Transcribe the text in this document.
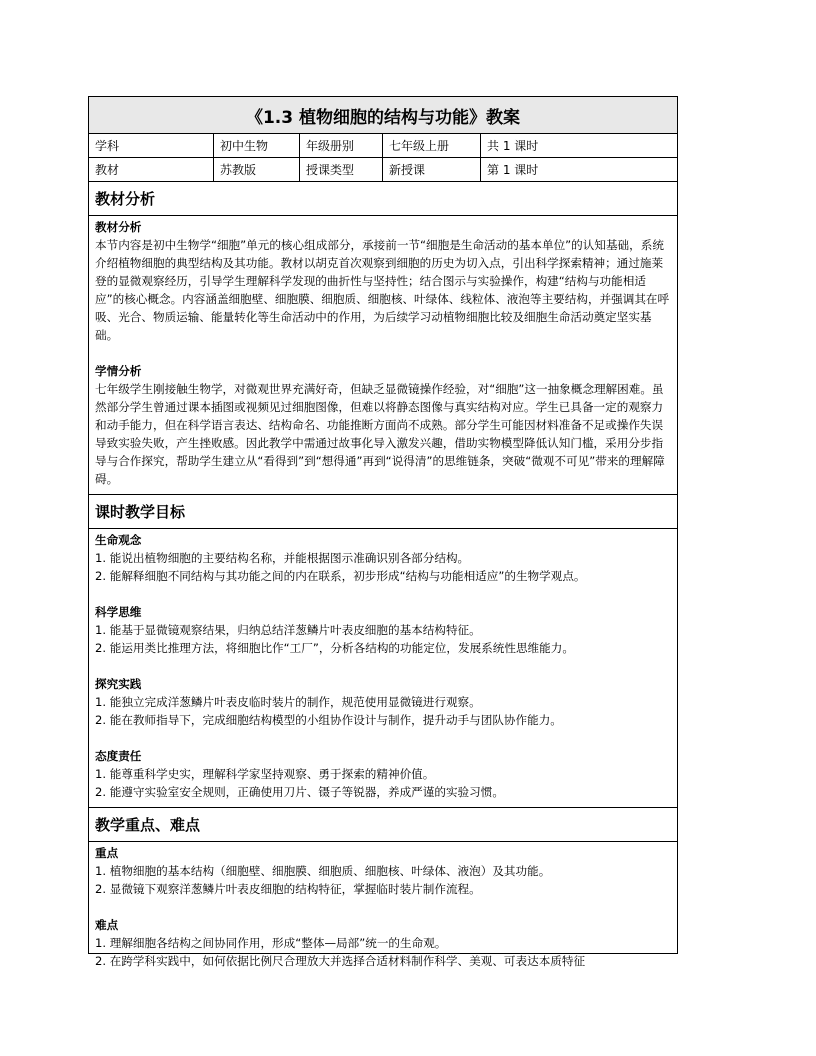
《1.3 植物细胞的结构与功能》教案
学科	初中生物	年级册别	七年级上册	共 1 课时
教材	苏教版	授课类型	新授课	第 1 课时
教材分析

教材分析

本节内容是初中生物学“细胞”单元的核心组成部分，承接前一节“细胞是生命活动的基本单位”的认知基础，系统介绍植物细胞的典型结构及其功能。教材以胡克首次观察到细胞的历史为切入点，引出科学探索精神；通过施莱登的显微观察经历，引导学生理解科学发现的曲折性与坚持性；结合图示与实验操作，构建“结构与功能相适应”的核心概念。内容涵盖细胞壁、细胞膜、细胞质、细胞核、叶绿体、线粒体、液泡等主要结构，并强调其在呼吸、光合、物质运输、能量转化等生命活动中的作用，为后续学习动植物细胞比较及细胞生命活动奠定坚实基础。

学情分析

七年级学生刚接触生物学，对微观世界充满好奇，但缺乏显微镜操作经验，对“细胞”这一抽象概念理解困难。虽然部分学生曾通过课本插图或视频见过细胞图像，但难以将静态图像与真实结构对应。学生已具备一定的观察力和动手能力，但在科学语言表达、结构命名、功能推断方面尚不成熟。部分学生可能因材料准备不足或操作失误导致实验失败，产生挫败感。因此教学中需通过故事化导入激发兴趣，借助实物模型降低认知门槛，采用分步指导与合作探究，帮助学生建立从“看得到”到“想得通”再到“说得清”的思维链条，突破“微观不可见”带来的理解障碍。

课时教学目标

生命观念

1. 能说出植物细胞的主要结构名称，并能根据图示准确识别各部分结构。

2. 能解释细胞不同结构与其功能之间的内在联系，初步形成“结构与功能相适应”的生物学观点。

科学思维

1. 能基于显微镜观察结果，归纳总结洋葱鳞片叶表皮细胞的基本结构特征。

2. 能运用类比推理方法，将细胞比作“工厂”，分析各结构的功能定位，发展系统性思维能力。

探究实践

1. 能独立完成洋葱鳞片叶表皮临时装片的制作，规范使用显微镜进行观察。

2. 能在教师指导下，完成细胞结构模型的小组协作设计与制作，提升动手与团队协作能力。

态度责任

1. 能尊重科学史实，理解科学家坚持观察、勇于探索的精神价值。

2. 能遵守实验室安全规则，正确使用刀片、镊子等锐器，养成严谨的实验习惯。

教学重点、难点

重点

1. 植物细胞的基本结构（细胞壁、细胞膜、细胞质、细胞核、叶绿体、液泡）及其功能。

2. 显微镜下观察洋葱鳞片叶表皮细胞的结构特征，掌握临时装片制作流程。

难点

1. 理解细胞各结构之间协同作用，形成“整体—局部”统一的生命观。

2. 在跨学科实践中，如何依据比例尺合理放大并选择合适材料制作科学、美观、可表达本质特征
